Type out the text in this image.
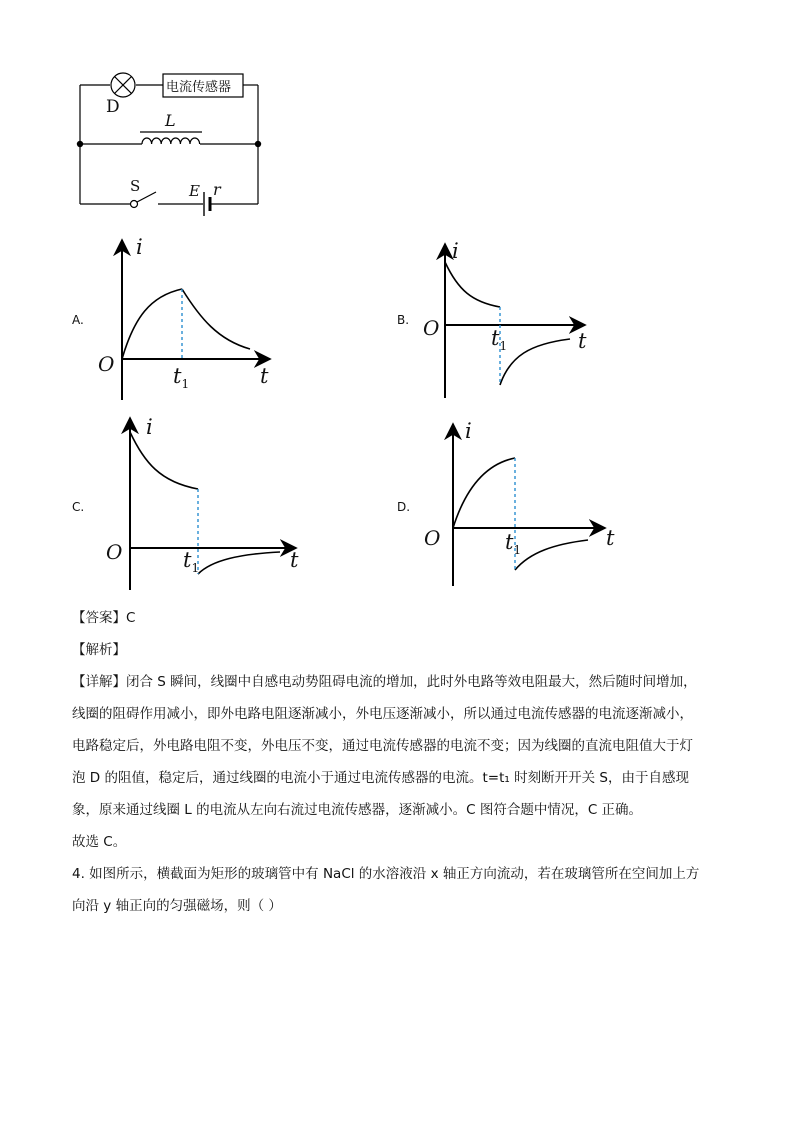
D
电流传感器
L
S	E r
A.
i
O	$t_1$	t
B.
i
O $t_1$	t
C.
i
O	$t_1$	t
D.
i
O	$t_1$
t
【答案】C
【解析】
【详解】闭合 S 瞬间，线圈中自感电动势阻碍电流的增加，此时外电路等效电阻最大，然后随时间增加，
线圈的阻碍作用减小，即外电路电阻逐渐减小，外电压逐渐减小，所以通过电流传感器的电流逐渐减小，
电路稳定后，外电路电阻不变，外电压不变，通过电流传感器的电流不变；因为线圈的直流电阻值大于灯
泡 D 的阻值，稳定后，通过线圈的电流小于通过电流传感器的电流。t=t₁ 时刻断开开关 S，由于自感现
象，原来通过线圈 L 的电流从左向右流过电流传感器，逐渐减小。C 图符合题中情况，C 正确。
故选 C。
4. 如图所示，横截面为矩形的玻璃管中有 NaCl 的水溶液沿 x 轴正方向流动，若在玻璃管所在空间加上方
向沿 y 轴正向的匀强磁场，则（ ）
